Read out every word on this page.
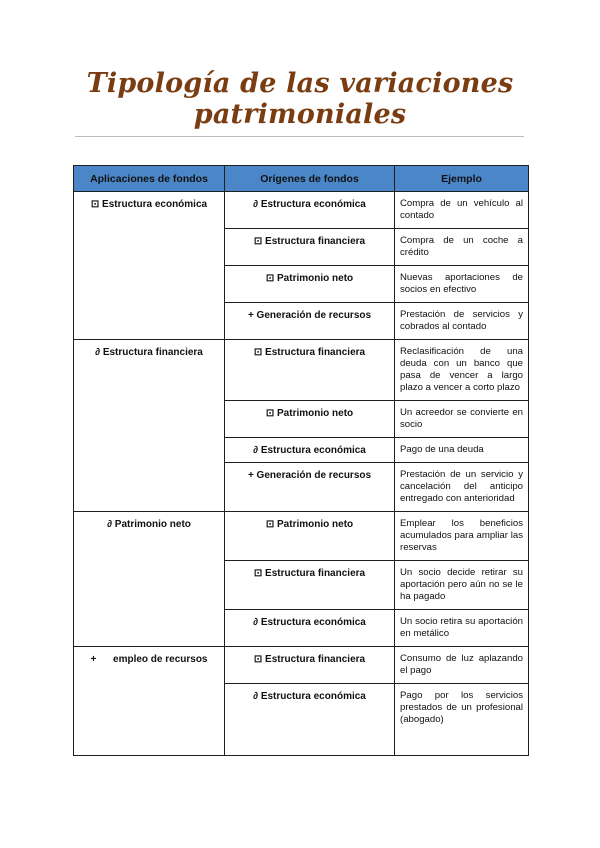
Tipología de las variaciones patrimoniales
Aplicaciones de fondos	Orígenes de fondos	Ejemplo
⊡ Estructura económica	∂ Estructura económica	Compra de un vehículo al contado
	⊡ Estructura financiera	Compra de un coche a crédito
	⊡ Patrimonio neto	Nuevas aportaciones de socios en efectivo
	+ Generación de recursos	Prestación de servicios y cobrados al contado
∂ Estructura financiera	⊡ Estructura financiera	Reclasificación de una deuda con un banco que pasa de vencer a largo plazo a vencer a corto plazo
	⊡ Patrimonio neto	Un acreedor se convierte en socio
	∂ Estructura económica	Pago de una deuda
	+ Generación de recursos	Prestación de un servicio y cancelación del anticipo entregado con anterioridad
∂ Patrimonio neto	⊡ Patrimonio neto	Emplear los beneficios acumulados para ampliar las reservas
	⊡ Estructura financiera	Un socio decide retirar su aportación pero aún no se le ha pagado
	∂ Estructura económica	Un socio retira su aportación en metálico
+      empleo de recursos	⊡ Estructura financiera	Consumo de luz aplazando el pago
	∂ Estructura económica	Pago por los servicios prestados de un profesional (abogado)
